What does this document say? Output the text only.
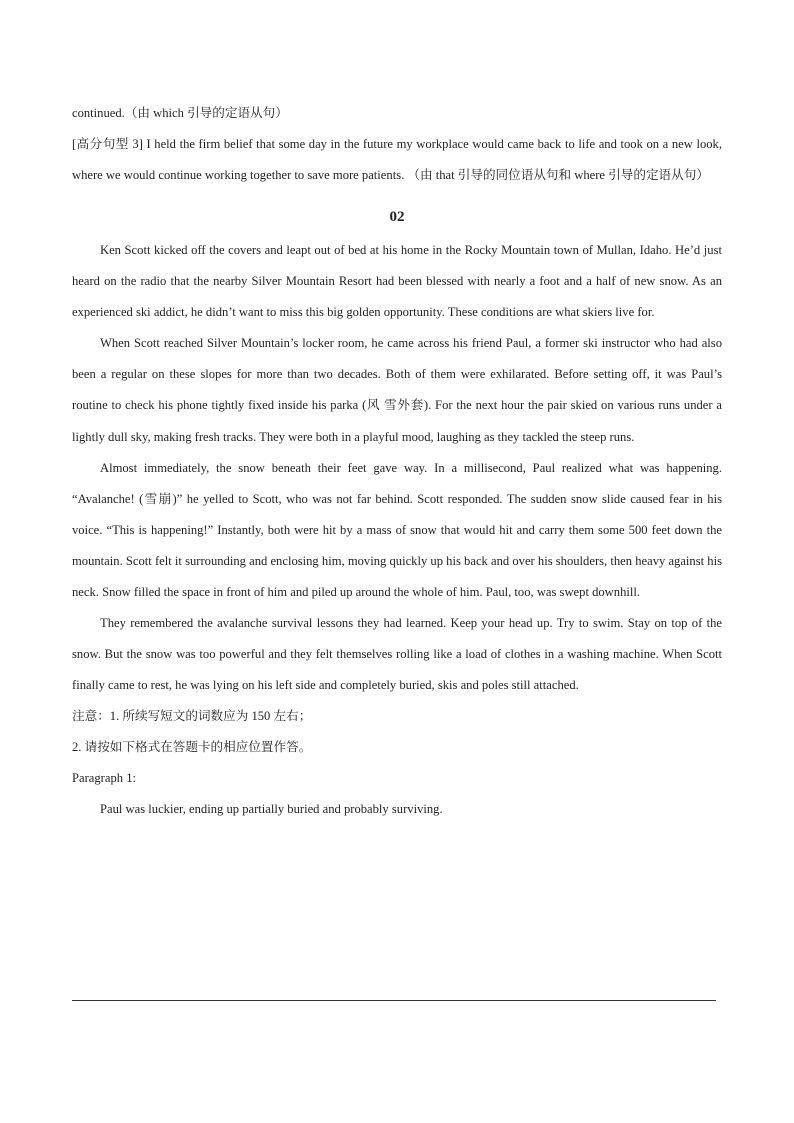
continued.（由 which 引导的定语从句）

[高分句型 3] I held the firm belief that some day in the future my workplace would came back to life and took on a new look, where we would continue working together to save more patients. （由 that 引导的同位语从句和 where 引导的定语从句）

02

Ken Scott kicked off the covers and leapt out of bed at his home in the Rocky Mountain town of Mullan, Idaho. He’d just heard on the radio that the nearby Silver Mountain Resort had been blessed with nearly a foot and a half of new snow. As an experienced ski addict, he didn’t want to miss this big golden opportunity. These conditions are what skiers live for.

When Scott reached Silver Mountain’s locker room, he came across his friend Paul, a former ski instructor who had also been a regular on these slopes for more than two decades. Both of them were exhilarated. Before setting off, it was Paul’s routine to check his phone tightly fixed inside his parka (风 雪外套). For the next hour the pair skied on various runs under a lightly dull sky, making fresh tracks. They were both in a playful mood, laughing as they tackled the steep runs.

Almost immediately, the snow beneath their feet gave way. In a millisecond, Paul realized what was happening. “Avalanche! (雪崩)” he yelled to Scott, who was not far behind. Scott responded. The sudden snow slide caused fear in his voice. “This is happening!” Instantly, both were hit by a mass of snow that would hit and carry them some 500 feet down the mountain. Scott felt it surrounding and enclosing him, moving quickly up his back and over his shoulders, then heavy against his neck. Snow filled the space in front of him and piled up around the whole of him. Paul, too, was swept downhill.

They remembered the avalanche survival lessons they had learned. Keep your head up. Try to swim. Stay on top of the snow. But the snow was too powerful and they felt themselves rolling like a load of clothes in a washing machine. When Scott finally came to rest, he was lying on his left side and completely buried, skis and poles still attached.

注意：1. 所续写短文的词数应为 150 左右；

2. 请按如下格式在答题卡的相应位置作答。

Paragraph 1:

Paul was luckier, ending up partially buried and probably surviving.
